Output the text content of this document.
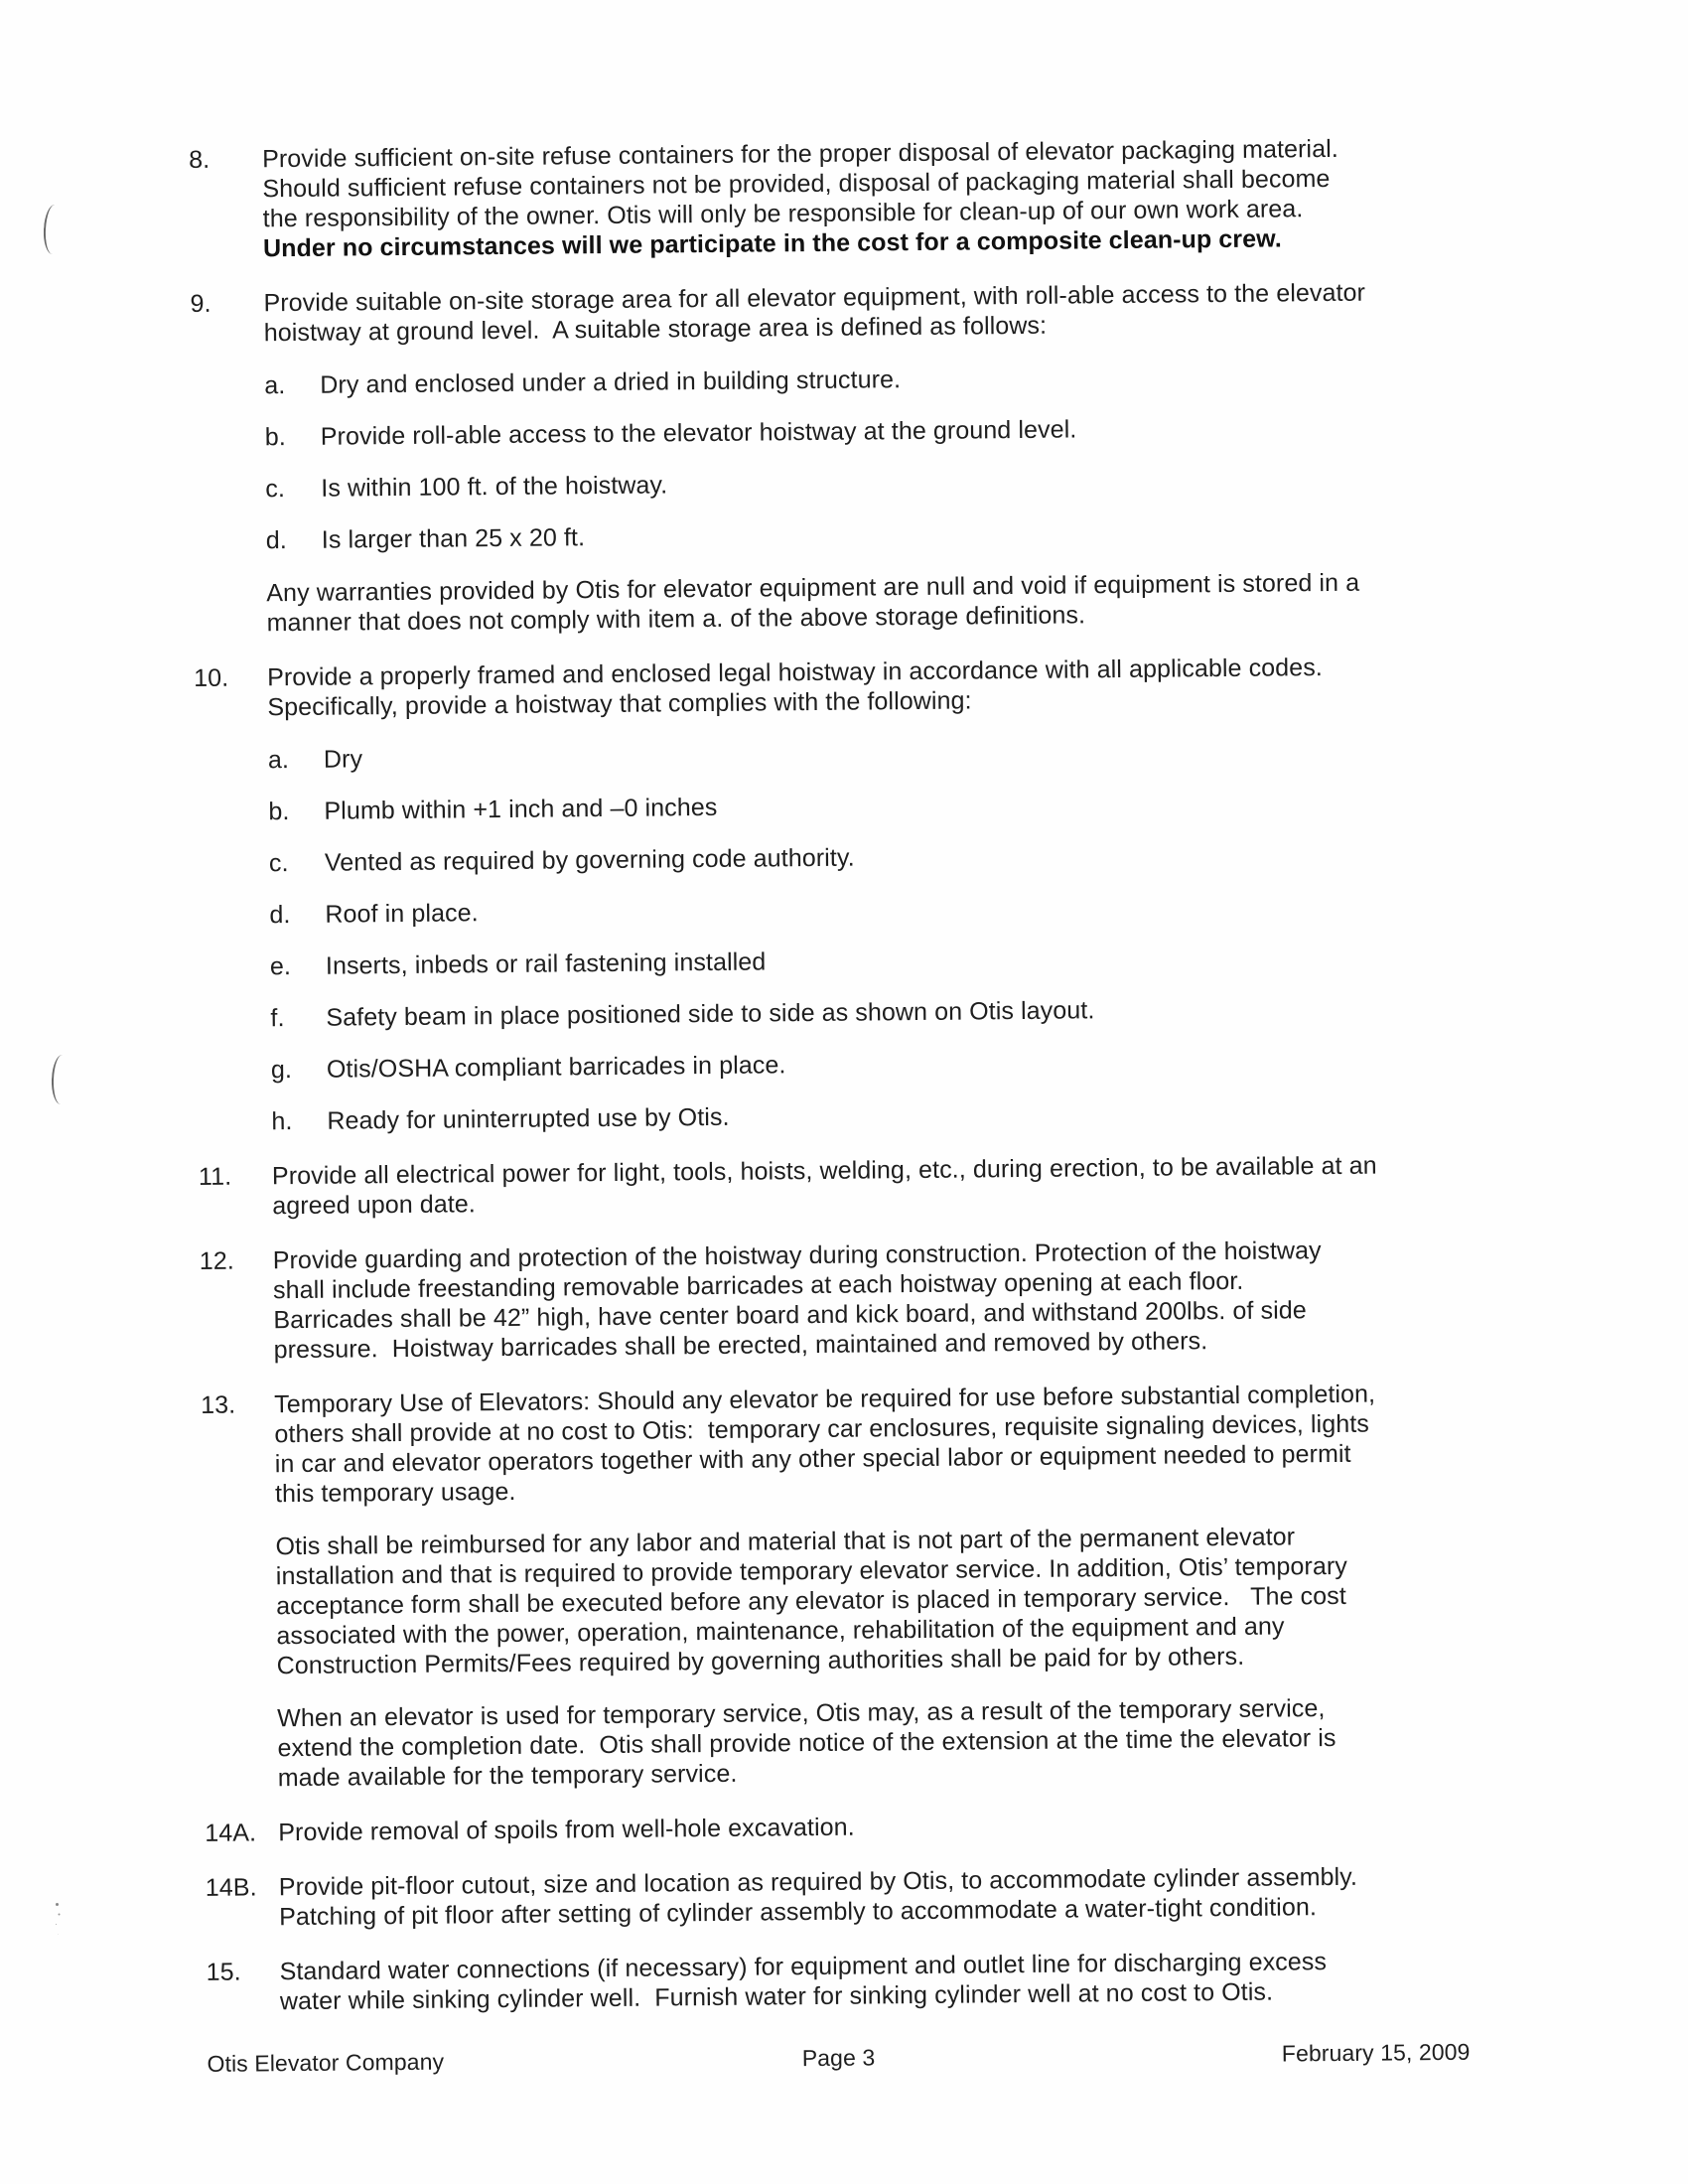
8.	Provide sufficient on-site refuse containers for the proper disposal of elevator packaging material.
Should sufficient refuse containers not be provided, disposal of packaging material shall become
the responsibility of the owner. Otis will only be responsible for clean-up of our own work area.
Under no circumstances will we participate in the cost for a composite clean-up crew.
9.	Provide suitable on-site storage area for all elevator equipment, with roll-able access to the elevator
hoistway at ground level.  A suitable storage area is defined as follows:
a.	Dry and enclosed under a dried in building structure.
b.	Provide roll-able access to the elevator hoistway at the ground level.
c.	Is within 100 ft. of the hoistway.
d.	Is larger than 25 x 20 ft.
Any warranties provided by Otis for elevator equipment are null and void if equipment is stored in a
manner that does not comply with item a. of the above storage definitions.
10.	Provide a properly framed and enclosed legal hoistway in accordance with all applicable codes.
Specifically, provide a hoistway that complies with the following:
a.	Dry
b.	Plumb within +1 inch and –0 inches
c.	Vented as required by governing code authority.
d.	Roof in place.
e.	Inserts, inbeds or rail fastening installed
f.	Safety beam in place positioned side to side as shown on Otis layout.
g.	Otis/OSHA compliant barricades in place.
h.	Ready for uninterrupted use by Otis.
11.	Provide all electrical power for light, tools, hoists, welding, etc., during erection, to be available at an
agreed upon date.
12.	Provide guarding and protection of the hoistway during construction. Protection of the hoistway
shall include freestanding removable barricades at each hoistway opening at each floor.
Barricades shall be 42” high, have center board and kick board, and withstand 200lbs. of side
pressure.  Hoistway barricades shall be erected, maintained and removed by others.
13.	Temporary Use of Elevators: Should any elevator be required for use before substantial completion,
others shall provide at no cost to Otis:  temporary car enclosures, requisite signaling devices, lights
in car and elevator operators together with any other special labor or equipment needed to permit
this temporary usage.
Otis shall be reimbursed for any labor and material that is not part of the permanent elevator
installation and that is required to provide temporary elevator service. In addition, Otis’ temporary
acceptance form shall be executed before any elevator is placed in temporary service.   The cost
associated with the power, operation, maintenance, rehabilitation of the equipment and any
Construction Permits/Fees required by governing authorities shall be paid for by others.
When an elevator is used for temporary service, Otis may, as a result of the temporary service,
extend the completion date.  Otis shall provide notice of the extension at the time the elevator is
made available for the temporary service.
14A. Provide removal of spoils from well-hole excavation.
14B. Provide pit-floor cutout, size and location as required by Otis, to accommodate cylinder assembly.
Patching of pit floor after setting of cylinder assembly to accommodate a water-tight condition.
15.	Standard water connections (if necessary) for equipment and outlet line for discharging excess
water while sinking cylinder well.  Furnish water for sinking cylinder well at no cost to Otis.
Otis Elevator Company	Page 3	February 15, 2009
